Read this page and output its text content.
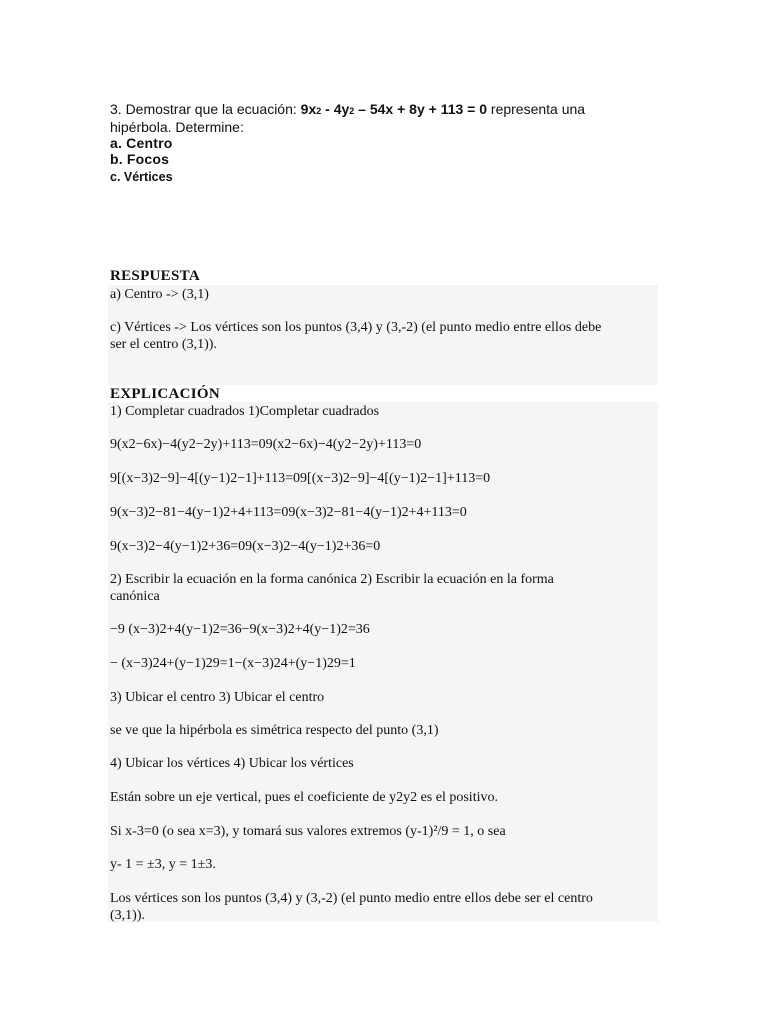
3. Demostrar que la ecuación: 9x2 - 4y2 – 54x + 8y + 113 = 0 representa una
hipérbola. Determine:
a. Centro
b. Focos
c. Vértices
RESPUESTA
a) Centro -> (3,1)
c) Vértices -> Los vértices son los puntos (3,4) y (3,-2) (el punto medio entre ellos debe
ser el centro (3,1)).
EXPLICACIÓN
1) Completar cuadrados 1)Completar cuadrados
9(x2−6x)−4(y2−2y)+113=09(x2−6x)−4(y2−2y)+113=0
9[(x−3)2−9]−4[(y−1)2−1]+113=09[(x−3)2−9]−4[(y−1)2−1]+113=0
9(x−3)2−81−4(y−1)2+4+113=09(x−3)2−81−4(y−1)2+4+113=0
9(x−3)2−4(y−1)2+36=09(x−3)2−4(y−1)2+36=0
2) Escribir la ecuación en la forma canónica 2) Escribir la ecuación en la forma
canónica
−9 (x−3)2+4(y−1)2=36−9(x−3)2+4(y−1)2=36
− (x−3)24+(y−1)29=1−(x−3)24+(y−1)29=1
3) Ubicar el centro 3) Ubicar el centro
se ve que la hipérbola es simétrica respecto del punto (3,1)
4) Ubicar los vértices 4) Ubicar los vértices
Están sobre un eje vertical, pues el coeficiente de y2y2 es el positivo.
Si x-3=0 (o sea x=3), y tomará sus valores extremos (y-1)²/9 = 1, o sea
y- 1 = ±3, y = 1±3.
Los vértices son los puntos (3,4) y (3,-2) (el punto medio entre ellos debe ser el centro
(3,1)).
